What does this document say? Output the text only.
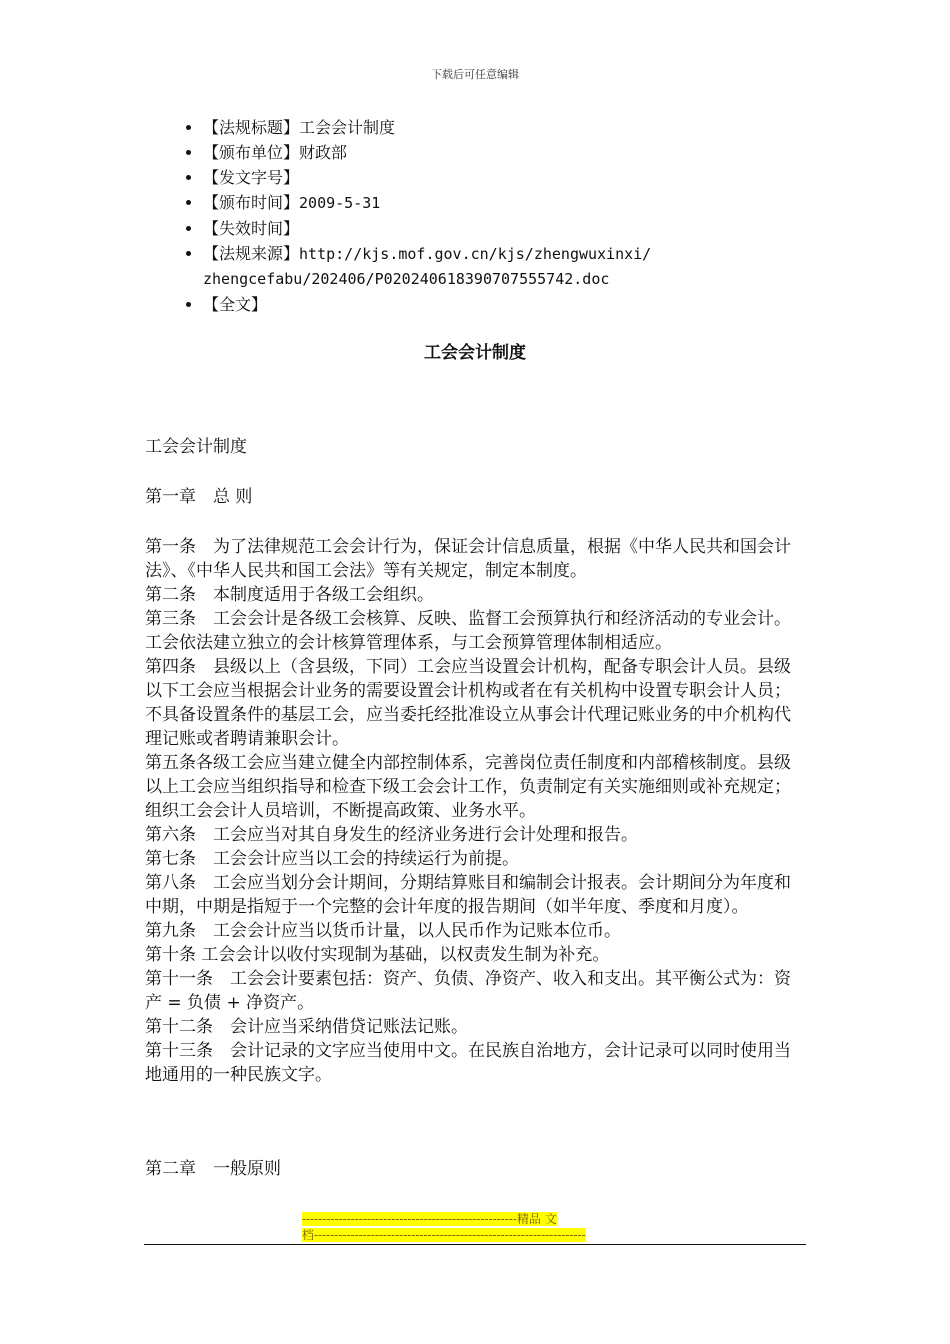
下载后可任意编辑
【法规标题】工会会计制度
【颁布单位】财政部
【发文字号】
【颁布时间】2009-5-31
【失效时间】
【法规来源】http://kjs.mof.gov.cn/kjs/zhengwuxinxi/
zhengcefabu/202406/P020240618390707555742.doc
【全文】
工会会计制度

工会会计制度

第一章　总 则

第一条　为了法律规范工会会计行为，保证会计信息质量，根据《中华人民共和国会计法》、《中华人民共和国工会法》等有关规定，制定本制度。

第二条　本制度适用于各级工会组织。

第三条　工会会计是各级工会核算、反映、监督工会预算执行和经济活动的专业会计。工会依法建立独立的会计核算管理体系，与工会预算管理体制相适应。

第四条　县级以上（含县级，下同）工会应当设置会计机构，配备专职会计人员。县级以下工会应当根据会计业务的需要设置会计机构或者在有关机构中设置专职会计人员；不具备设置条件的基层工会，应当委托经批准设立从事会计代理记账业务的中介机构代理记账或者聘请兼职会计。

第五条各级工会应当建立健全内部控制体系，完善岗位责任制度和内部稽核制度。县级以上工会应当组织指导和检查下级工会会计工作，负责制定有关实施细则或补充规定；组织工会会计人员培训，不断提高政策、业务水平。

第六条　工会应当对其自身发生的经济业务进行会计处理和报告。

第七条　工会会计应当以工会的持续运行为前提。

第八条　工会应当划分会计期间，分期结算账目和编制会计报表。会计期间分为年度和中期，中期是指短于一个完整的会计年度的报告期间（如半年度、季度和月度）。

第九条　工会会计应当以货币计量，以人民币作为记账本位币。

第十条 工会会计以收付实现制为基础，以权责发生制为补充。

第十一条　工会会计要素包括：资产、负债、净资产、收入和支出。其平衡公式为：资产 = 负债 + 净资产。

第十二条　会计应当采纳借贷记账法记账。

第十三条　会计记录的文字应当使用中文。在民族自治地方，会计记录可以同时使用当地通用的一种民族文字。

第二章　一般原则

-----------------------------------------------------精品 文
档-------------------------------------------------------------------
